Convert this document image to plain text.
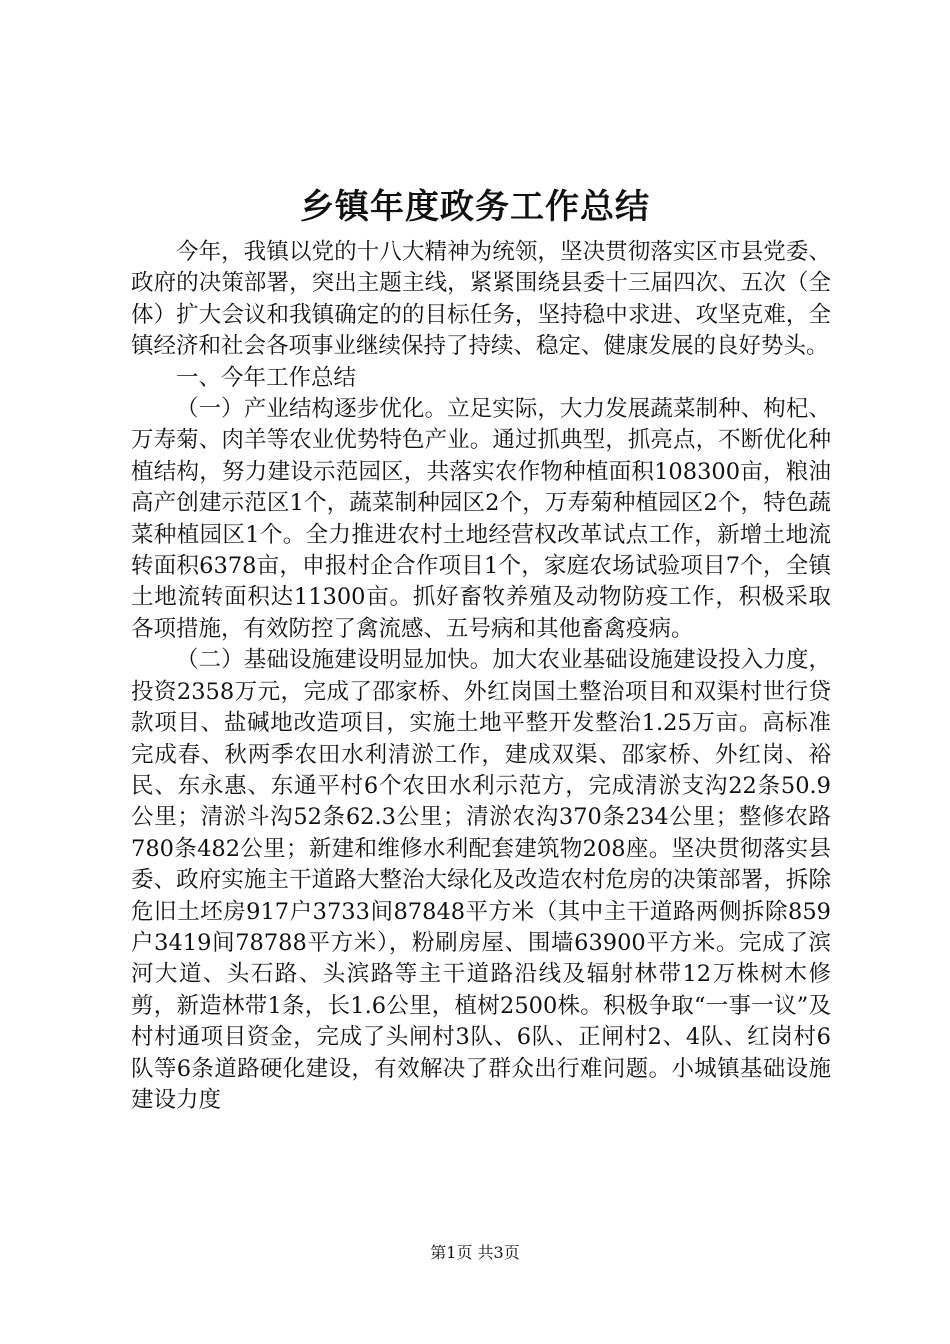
乡镇年度政务工作总结

今年，我镇以党的十八大精神为统领，坚决贯彻落实区市县党委、政府的决策部署，突出主题主线，紧紧围绕县委十三届四次、五次（全体）扩大会议和我镇确定的的目标任务，坚持稳中求进、攻坚克难，全镇经济和社会各项事业继续保持了持续、稳定、健康发展的良好势头。

一、今年工作总结

（一）产业结构逐步优化。立足实际，大力发展蔬菜制种、枸杞、万寿菊、肉羊等农业优势特色产业。通过抓典型，抓亮点，不断优化种植结构，努力建设示范园区，共落实农作物种植面积108300亩，粮油高产创建示范区1个，蔬菜制种园区2个，万寿菊种植园区2个，特色蔬菜种植园区1个。全力推进农村土地经营权改革试点工作，新增土地流转面积6378亩，申报村企合作项目1个，家庭农场试验项目7个，全镇土地流转面积达11300亩。抓好畜牧养殖及动物防疫工作，积极采取各项措施，有效防控了禽流感、五号病和其他畜禽疫病。

（二）基础设施建设明显加快。加大农业基础设施建设投入力度，投资2358万元，完成了邵家桥、外红岗国土整治项目和双渠村世行贷款项目、盐碱地改造项目，实施土地平整开发整治1.25万亩。高标准完成春、秋两季农田水利清淤工作，建成双渠、邵家桥、外红岗、裕民、东永惠、东通平村6个农田水利示范方，完成清淤支沟22条50.9公里；清淤斗沟52条62.3公里；清淤农沟370条234公里；整修农路780条482公里；新建和维修水利配套建筑物208座。坚决贯彻落实县委、政府实施主干道路大整治大绿化及改造农村危房的决策部署，拆除危旧土坯房917户3733间87848平方米（其中主干道路两侧拆除859户3419间78788平方米），粉刷房屋、围墙63900平方米。完成了滨河大道、头石路、头滨路等主干道路沿线及辐射林带12万株树木修剪，新造林带1条，长1.6公里，植树2500株。积极争取“一事一议”及村村通项目资金，完成了头闸村3队、6队、正闸村2、4队、红岗村6队等6条道路硬化建设，有效解决了群众出行难问题。小城镇基础设施建设力度

第1页 共3页
